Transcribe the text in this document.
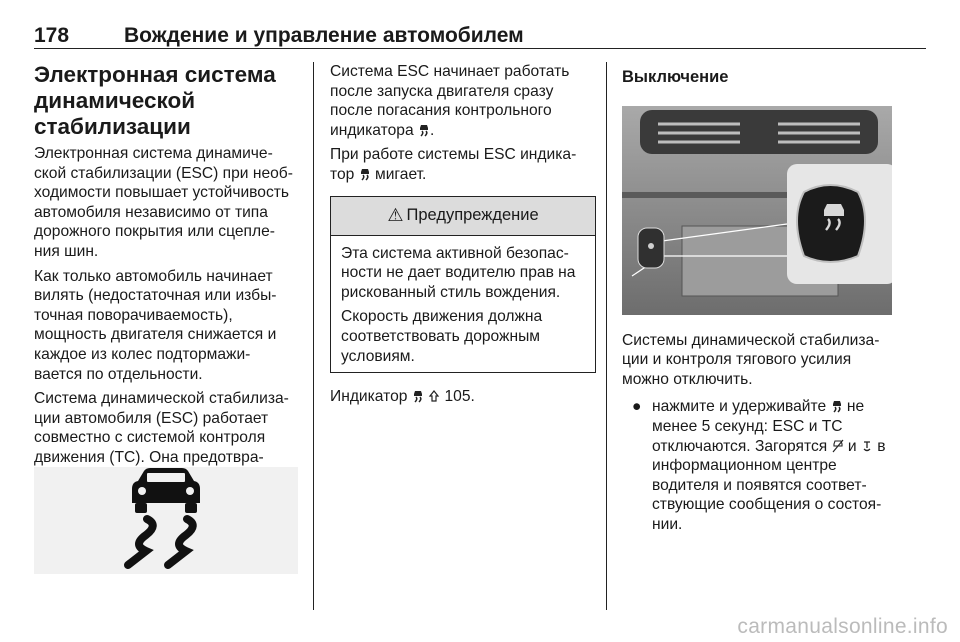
178	Вождение и управление автомобилем
Электронная система динамической стабилизации

Электронная система динамиче-ской стабилизации (ESC) при необ-ходимости повышает устойчивость автомобиля независимо от типа дорожного покрытия или сцепле-ния шин.

Как только автомобиль начинает вилять (недостаточная или избы-точная поворачиваемость), мощность двигателя снижается и каждое из колес подтормажи-вается по отдельности.

Система динамической стабилиза-ции автомобиля (ESC) работает совместно с системой контроля движения (TC). Она предотвра-

Система ESC начинает работать после запуска двигателя сразу после погасания контрольного индикатора .

При работе системы ESC индика-тор мигает.

⚠ Предупреждение

Эта система активной безопас-ности не дает водителю прав на рискованный стиль вождения.

Скорость движения должна соответствовать дорожным условиям.

Индикатор
105.

Выключение

Системы динамической стабилиза-ции и контроля тягового усилия можно отключить.

● нажмите и удерживайте не менее 5 секунд: ESC и TC отключаются. Загорятся и в информационном центре водителя и появятся соответ-ствующие сообщения о состоя-нии.
carmanualsonline.info
